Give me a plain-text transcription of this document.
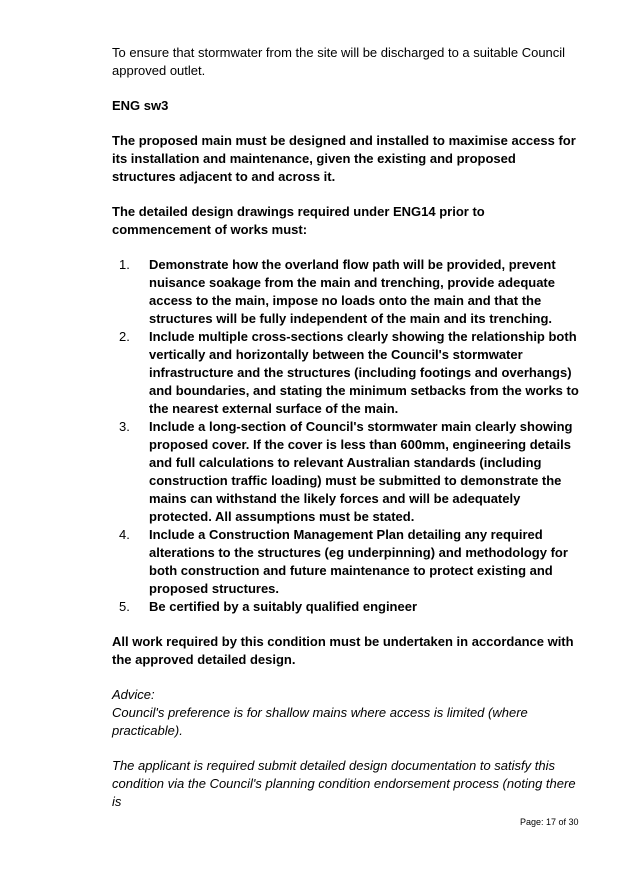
To ensure that stormwater from the site will be discharged to a suitable Council approved outlet.

ENG sw3

The proposed main must be designed and installed to maximise access for its installation and maintenance, given the existing and proposed structures adjacent to and across it.

The detailed design drawings required under ENG14 prior to commencement of works must:

1. Demonstrate how the overland flow path will be provided, prevent nuisance soakage from the main and trenching, provide adequate access to the main, impose no loads onto the main and that the structures will be fully independent of the main and its trenching.
2. Include multiple cross-sections clearly showing the relationship both vertically and horizontally between the Council's stormwater infrastructure and the structures (including footings and overhangs) and boundaries, and stating the minimum setbacks from the works to the nearest external surface of the main.
3. Include a long-section of Council's stormwater main clearly showing proposed cover. If the cover is less than 600mm, engineering details and full calculations to relevant Australian standards (including construction traffic loading) must be submitted to demonstrate the mains can withstand the likely forces and will be adequately protected. All assumptions must be stated.
4. Include a Construction Management Plan detailing any required alterations to the structures (eg underpinning) and methodology for both construction and future maintenance to protect existing and proposed structures.
5. Be certified by a suitably qualified engineer

All work required by this condition must be undertaken in accordance with the approved detailed design.

Advice:

Council's preference is for shallow mains where access is limited (where practicable).

The applicant is required submit detailed design documentation to satisfy this condition via the Council's planning condition endorsement process (noting there is

Page: 17 of 30
